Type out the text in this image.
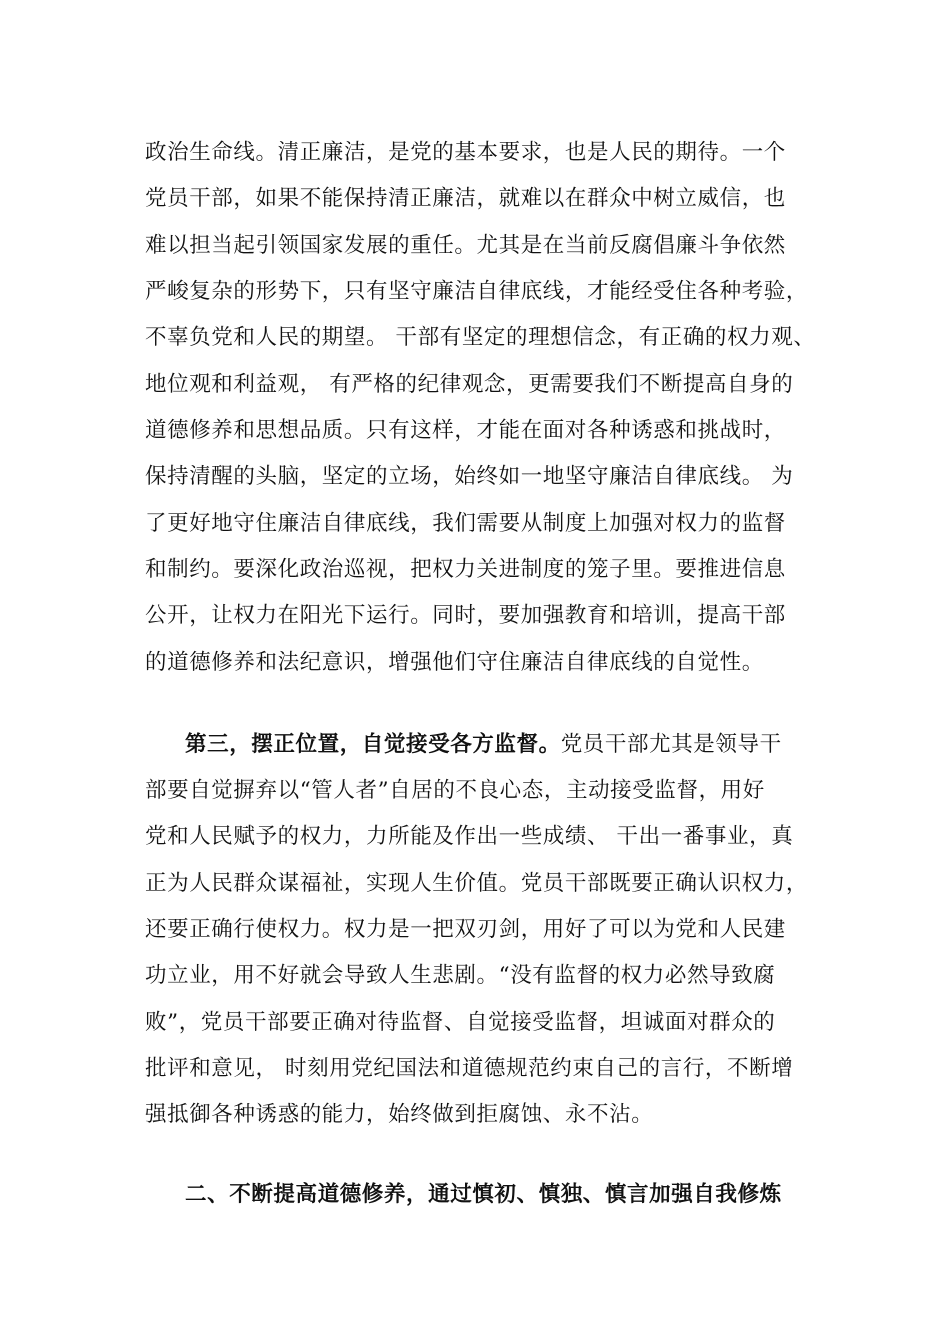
政治生命线。清正廉洁，是党的基本要求，也是人民的期待。一个
党员干部，如果不能保持清正廉洁，就难以在群众中树立威信，也
难以担当起引领国家发展的重任。尤其是在当前反腐倡廉斗争依然
严峻复杂的形势下，只有坚守廉洁自律底线，才能经受住各种考验，
不辜负党和人民的期望。 干部有坚定的理想信念，有正确的权力观、
地位观和利益观， 有严格的纪律观念，更需要我们不断提高自身的
道德修养和思想品质。只有这样，才能在面对各种诱惑和挑战时，
保持清醒的头脑，坚定的立场，始终如一地坚守廉洁自律底线。 为
了更好地守住廉洁自律底线，我们需要从制度上加强对权力的监督
和制约。要深化政治巡视，把权力关进制度的笼子里。要推进信息
公开，让权力在阳光下运行。同时，要加强教育和培训，提高干部
的道德修养和法纪意识，增强他们守住廉洁自律底线的自觉性。
第三，摆正位置，自觉接受各方监督。党员干部尤其是领导干
部要自觉摒弃以“管人者”自居的不良心态，主动接受监督，用好
党和人民赋予的权力，力所能及作出一些成绩、 干出一番事业，真
正为人民群众谋福祉，实现人生价值。党员干部既要正确认识权力，
还要正确行使权力。权力是一把双刃剑，用好了可以为党和人民建
功立业，用不好就会导致人生悲剧。“没有监督的权力必然导致腐
败”，党员干部要正确对待监督、自觉接受监督，坦诚面对群众的
批评和意见， 时刻用党纪国法和道德规范约束自己的言行，不断增
强抵御各种诱惑的能力，始终做到拒腐蚀、永不沾。
二、不断提高道德修养，通过慎初、慎独、慎言加强自我修炼
